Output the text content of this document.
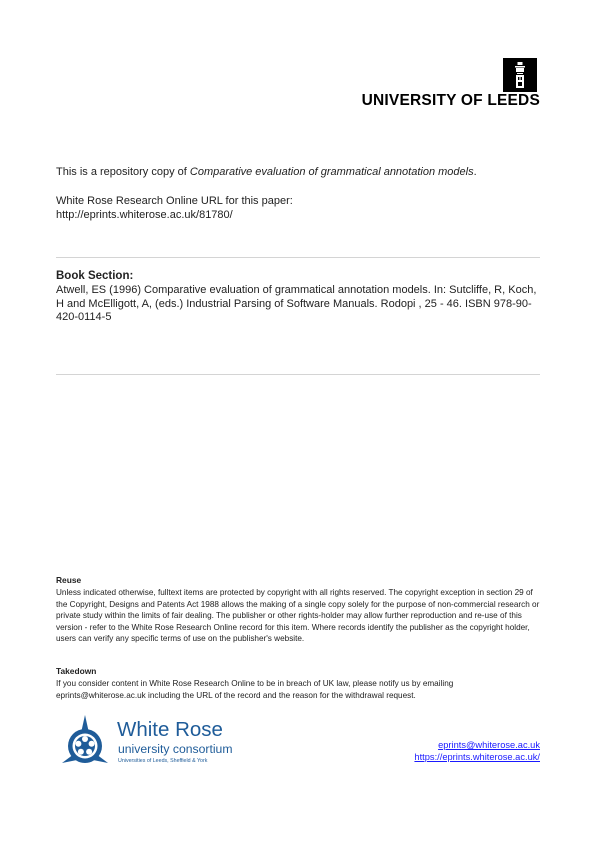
UNIVERSITY OF LEEDS
This is a repository copy of Comparative evaluation of grammatical annotation models.
White Rose Research Online URL for this paper:
http://eprints.whiterose.ac.uk/81780/
Book Section:
Atwell, ES (1996) Comparative evaluation of grammatical annotation models. In: Sutcliffe, R, Koch, H and McElligott, A, (eds.) Industrial Parsing of Software Manuals. Rodopi , 25 - 46. ISBN 978-90-420-0114-5
Reuse
Unless indicated otherwise, fulltext items are protected by copyright with all rights reserved. The copyright exception in section 29 of the Copyright, Designs and Patents Act 1988 allows the making of a single copy solely for the purpose of non-commercial research or private study within the limits of fair dealing. The publisher or other rights-holder may allow further reproduction and re-use of this version - refer to the White Rose Research Online record for this item. Where records identify the publisher as the copyright holder, users can verify any specific terms of use on the publisher's website.
Takedown
If you consider content in White Rose Research Online to be in breach of UK law, please notify us by emailing eprints@whiterose.ac.uk including the URL of the record and the reason for the withdrawal request.
White Rose
university consortium
Universities of Leeds, Sheffield & York
eprints@whiterose.ac.uk
https://eprints.whiterose.ac.uk/
